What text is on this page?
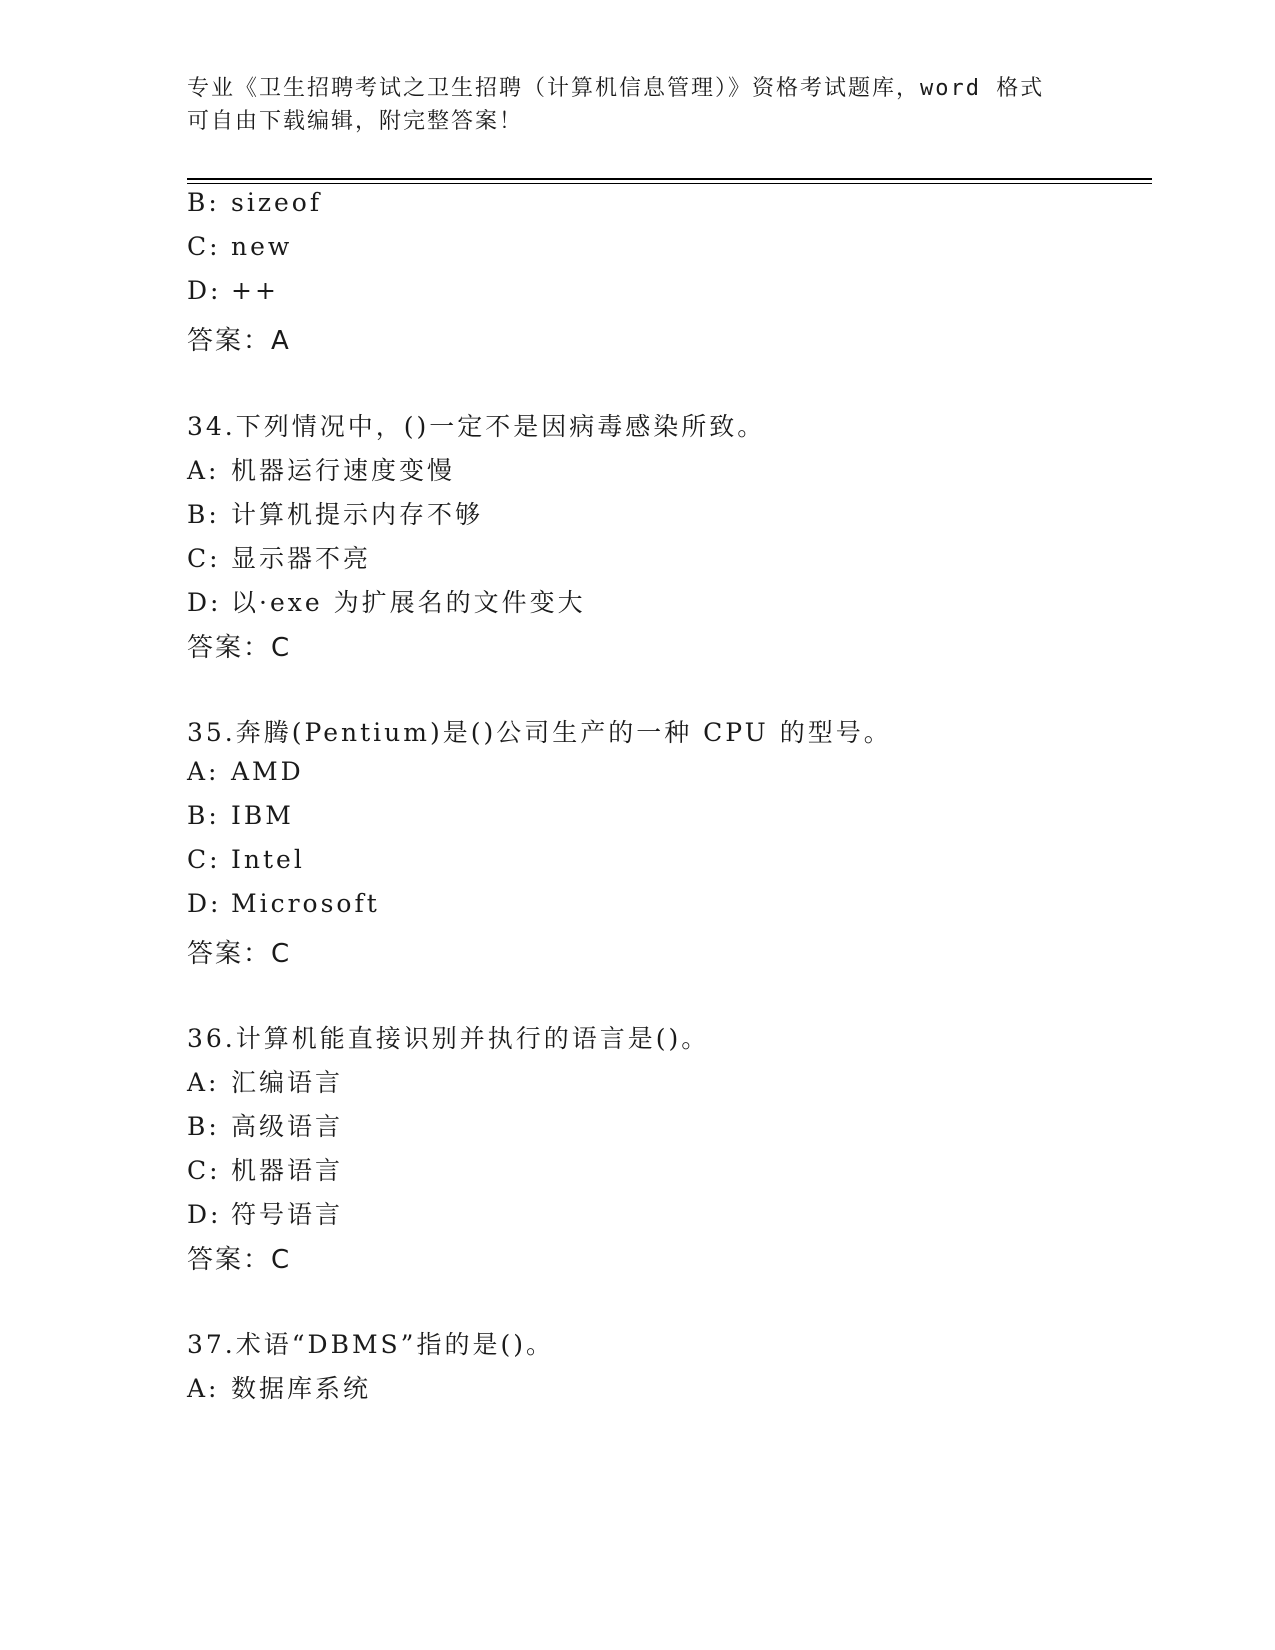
专业《卫生招聘考试之卫生招聘（计算机信息管理）》资格考试题库，word 格式
可自由下载编辑，附完整答案！
B: sizeof
C: new
D: ++
答案：A
34.下列情况中，()一定不是因病毒感染所致。
A: 机器运行速度变慢
B: 计算机提示内存不够
C: 显示器不亮
D: 以·exe 为扩展名的文件变大
答案：C
35.奔腾(Pentium)是()公司生产的一种 CPU 的型号。
A: AMD
B: IBM
C: Intel
D: Microsoft
答案：C
36.计算机能直接识别并执行的语言是()。
A: 汇编语言
B: 高级语言
C: 机器语言
D: 符号语言
答案：C
37.术语“DBMS”指的是()。
A: 数据库系统
